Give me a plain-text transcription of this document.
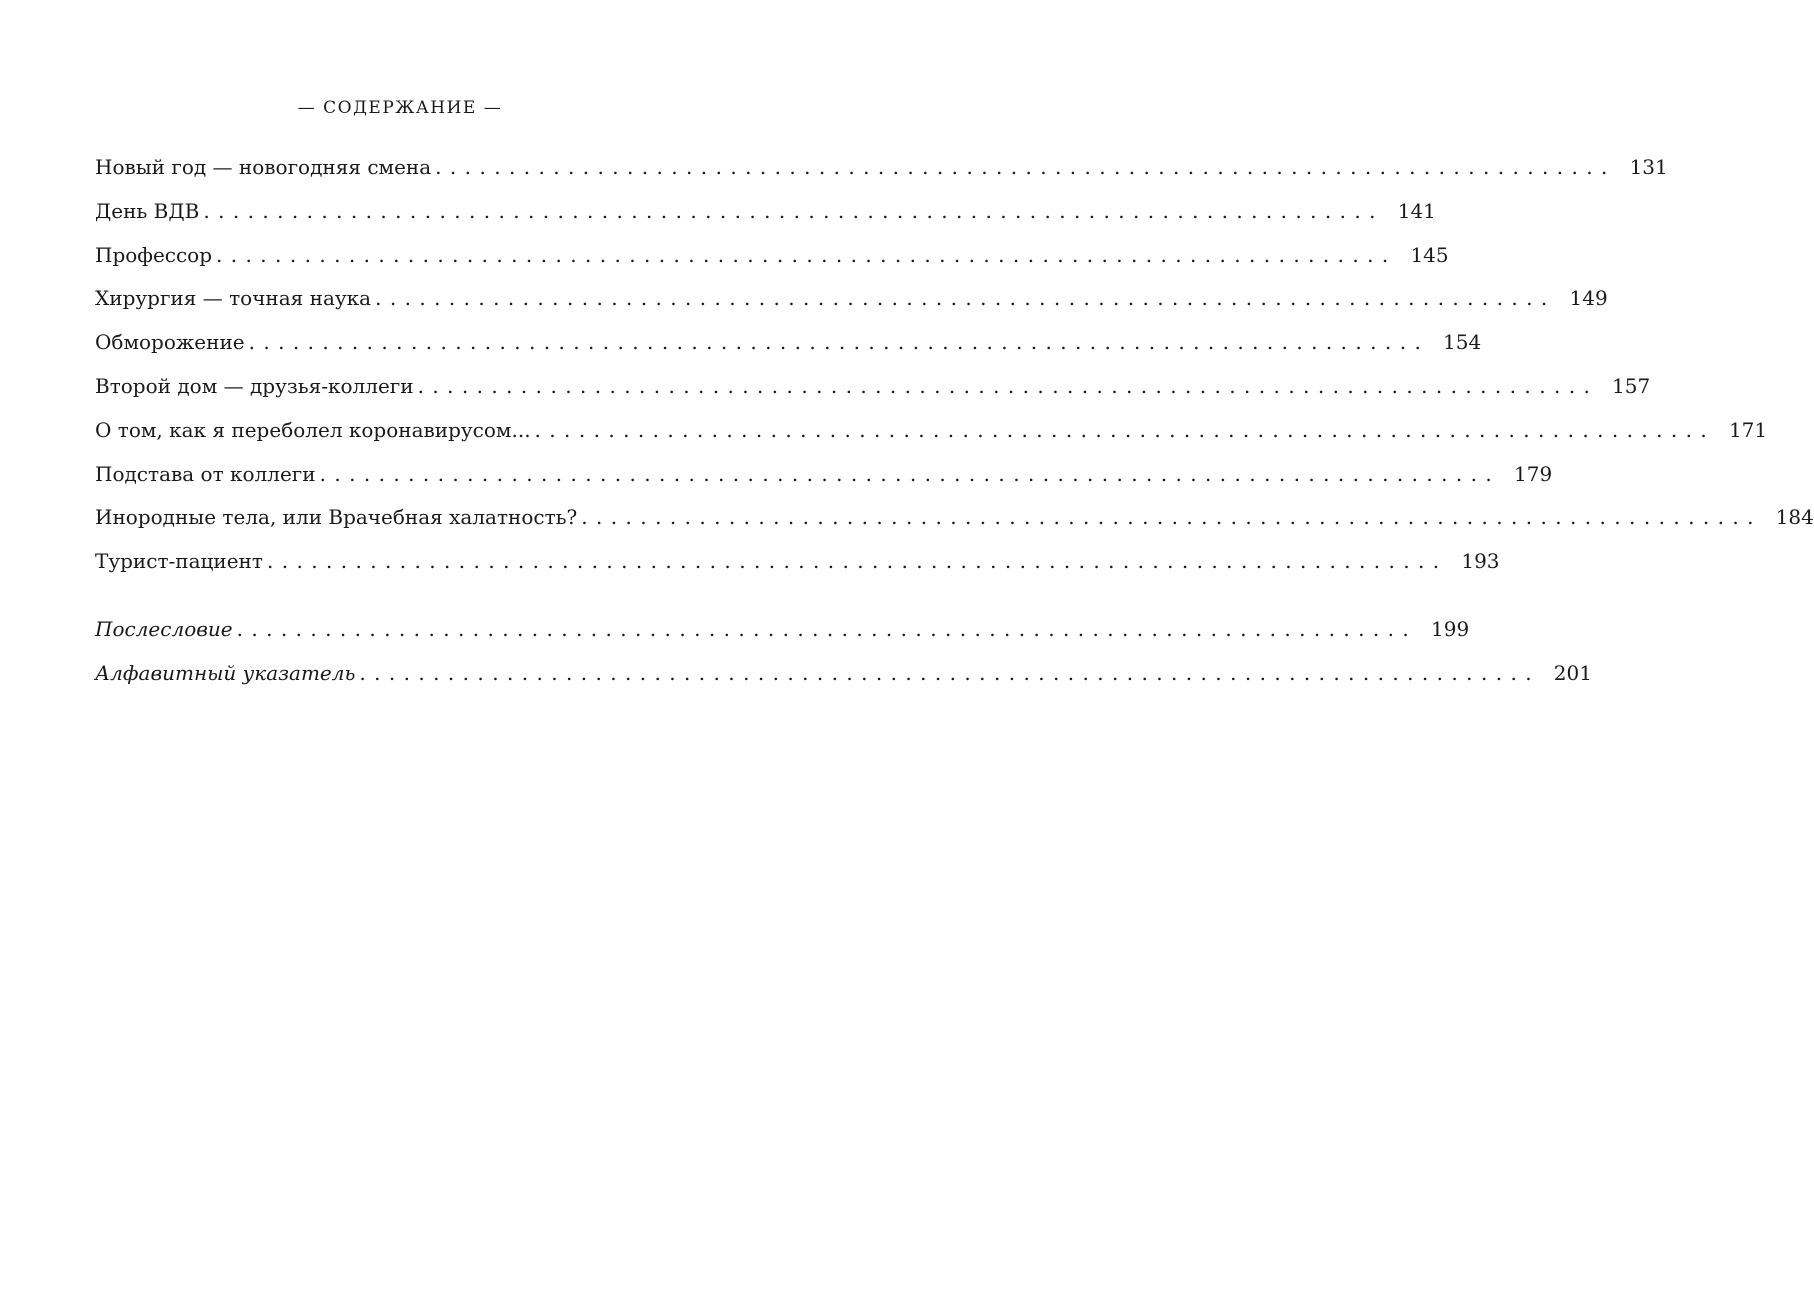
— СОДЕРЖАНИЕ —
Новый год — новогодняя смена ................................................................................ 131
День ВДВ ................................................................................ 141
Профессор ................................................................................ 145
Хирургия — точная наука ................................................................................ 149
Обморожение ................................................................................ 154
Второй дом — друзья-коллеги ................................................................................ 157
О том, как я переболел коронавирусом... ................................................................................ 171
Подстава от коллеги ................................................................................ 179
Инородные тела, или Врачебная халатность? ................................................................................ 184
Турист-пациент ................................................................................ 193
Послесловие ................................................................................ 199
Алфавитный указатель ................................................................................ 201
